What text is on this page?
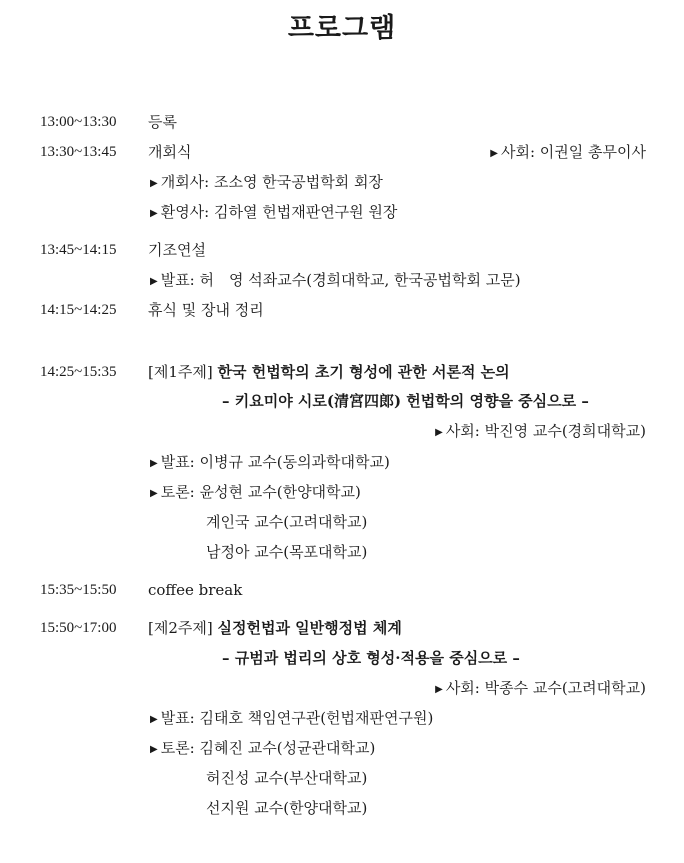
프로그램
13:00~13:30 등록
13:30~13:45 개회식	▶ 사회: 이권일 총무이사
▶ 개회사: 조소영 한국공법학회 회장
▶ 환영사: 김하열 헌법재판연구원 원장
13:45~14:15 기조연설
▶ 발표: 허　영 석좌교수(경희대학교, 한국공법학회 고문)
14:15~14:25 휴식 및 장내 정리
14:25~15:35 [제1주제] 한국 헌법학의 초기 형성에 관한 서론적 논의
– 키요미야 시로(清宮四郎) 헌법학의 영향을 중심으로 –
▶ 사회: 박진영 교수(경희대학교)
▶ 발표: 이병규 교수(동의과학대학교)
▶ 토론: 윤성현 교수(한양대학교)
계인국 교수(고려대학교)
남정아 교수(목포대학교)
15:35~15:50 coffee break
15:50~17:00 [제2주제] 실정헌법과 일반행정법 체계
– 규범과 법리의 상호 형성·적용을 중심으로 –
▶ 사회: 박종수 교수(고려대학교)
▶ 발표: 김태호 책임연구관(헌법재판연구원)
▶ 토론: 김혜진 교수(성균관대학교)
허진성 교수(부산대학교)
선지원 교수(한양대학교)
